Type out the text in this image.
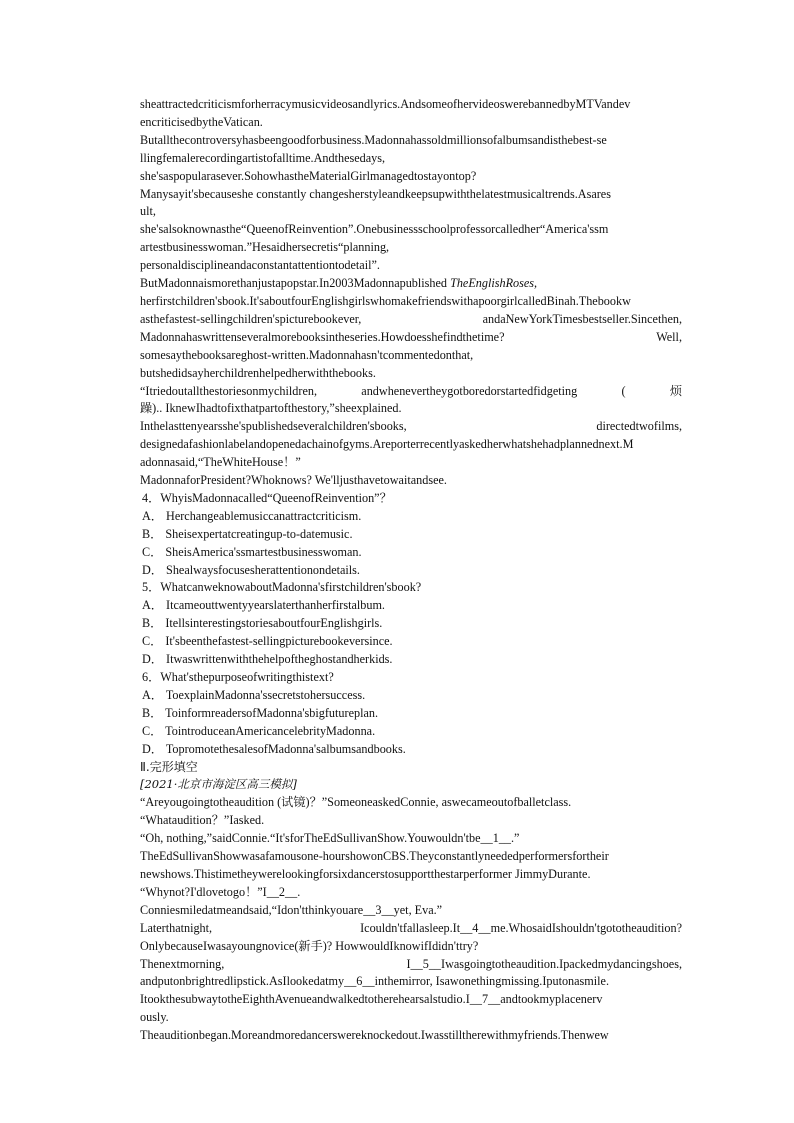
sheattractedcriticismforherracymusicvideosandlyrics.AndsomeofhervideoswerebannedbyMTVandev

encriticisedbytheVatican.

Butallthecontroversyhasbeengoodforbusiness.Madonnahassoldmillionsofalbumsandisthebest-se

llingfemalerecordingartistofalltime.Andthesedays,

she'saspopularasever.SohowhastheMaterialGirlmanagedtostayontop?

Manysayit'sbecauseshe constantly changesherstyleandkeepsupwiththelatestmusicaltrends.Asares

ult,

she'salsoknownasthe“QueenofReinvention”.Onebusinessschoolprofessorcalledher“America'ssm

artestbusinesswoman.”Hesaidhersecretis“planning,

personaldisciplineandaconstantattentiontodetail”.

ButMadonnaismorethanjustapopstar.In2003Madonnapublished TheEnglishRoses,

herfirstchildren'sbook.It'saboutfourEnglishgirlswhomakefriendswithapoorgirlcalledBinah.Thebookw

asthefastest-sellingchildren'spicturebookever,	andaNewYorkTimesbestseller.Sincethen,

Madonnahaswrittenseveralmorebooksintheseries.Howdoesshefindthetime?	Well,

somesaythebooksareghost-written.Madonnahasn'tcommentedonthat,

butshedidsayherchildrenhelpedherwiththebooks.

“Itriedoutallthestoriesonmychildren,	andwhenevertheygotboredorstartedfidgeting	(	烦

躁).. IknewIhadtofixthatpartofthestory,”sheexplained.

Inthelasttenyearsshe'spublishedseveralchildren'sbooks,	directedtwofilms,

designedafashionlabelandopenedachainofgyms.Areporterrecentlyaskedherwhatshehadplannednext.M

adonnasaid,“TheWhiteHouse！”

MadonnaforPresident?Whoknows? We'lljusthavetowaitandsee.

4．WhyisMadonnacalled“QueenofReinvention”？

A． Herchangeablemusiccanattractcriticism.

B． Sheisexpertatcreatingup-to-datemusic.

C． SheisAmerica'ssmartestbusinesswoman.

D． Shealwaysfocusesherattentionondetails.

5．WhatcanweknowaboutMadonna'sfirstchildren'sbook?

A． Itcameouttwentyyearslaterthanherfirstalbum.

B． ItellsinterestingstoriesaboutfourEnglishgirls.

C． It'sbeenthefastest-sellingpicturebookeversince.

D． Itwaswrittenwiththehelpoftheghostandherkids.

6．What'sthepurposeofwritingthistext?

A． ToexplainMadonna'ssecretstohersuccess.

B． ToinformreadersofMadonna'sbigfutureplan.

C． TointroduceanAmericancelebrityMadonna.

D． TopromotethesalesofMadonna'salbumsandbooks.

Ⅱ.完形填空

[2021·北京市海淀区高三模拟]

“Areyougoingtotheaudition (试镜)？”SomeoneaskedConnie, aswecameoutofballetclass.

“Whataudition？”Iasked.

“Oh, nothing,”saidConnie.“It'sforTheEdSullivanShow.Youwouldn'tbe__1__.”

TheEdSullivanShowwasafamousone-hourshowonCBS.Theyconstantlyneededperformersfortheir

newshows.Thistimetheywerelookingforsixdancerstosupportthestarperformer JimmyDurante.

“Whynot?I'dlovetogo！”I__2__.

Conniesmiledatmeandsaid,“Idon'tthinkyouare__3__yet, Eva.”

Laterthatnight,	Icouldn'tfallasleep.It__4__me.WhosaidIshouldn'tgototheaudition?

OnlybecauseIwasayoungnovice(新手)? HowwouldIknowifIdidn'ttry?

Thenextmorning,	I__5__Iwasgoingtotheaudition.Ipackedmydancingshoes,

andputonbrightredlipstick.AsIlookedatmy__6__inthemirror, Isawonethingmissing.Iputonasmile.

ItookthesubwaytotheEighthAvenueandwalkedtotherehearsalstudio.I__7__andtookmyplacenerv

ously.

Theauditionbegan.Moreandmoredancerswereknockedout.Iwasstilltherewithmyfriends.Thenwew
